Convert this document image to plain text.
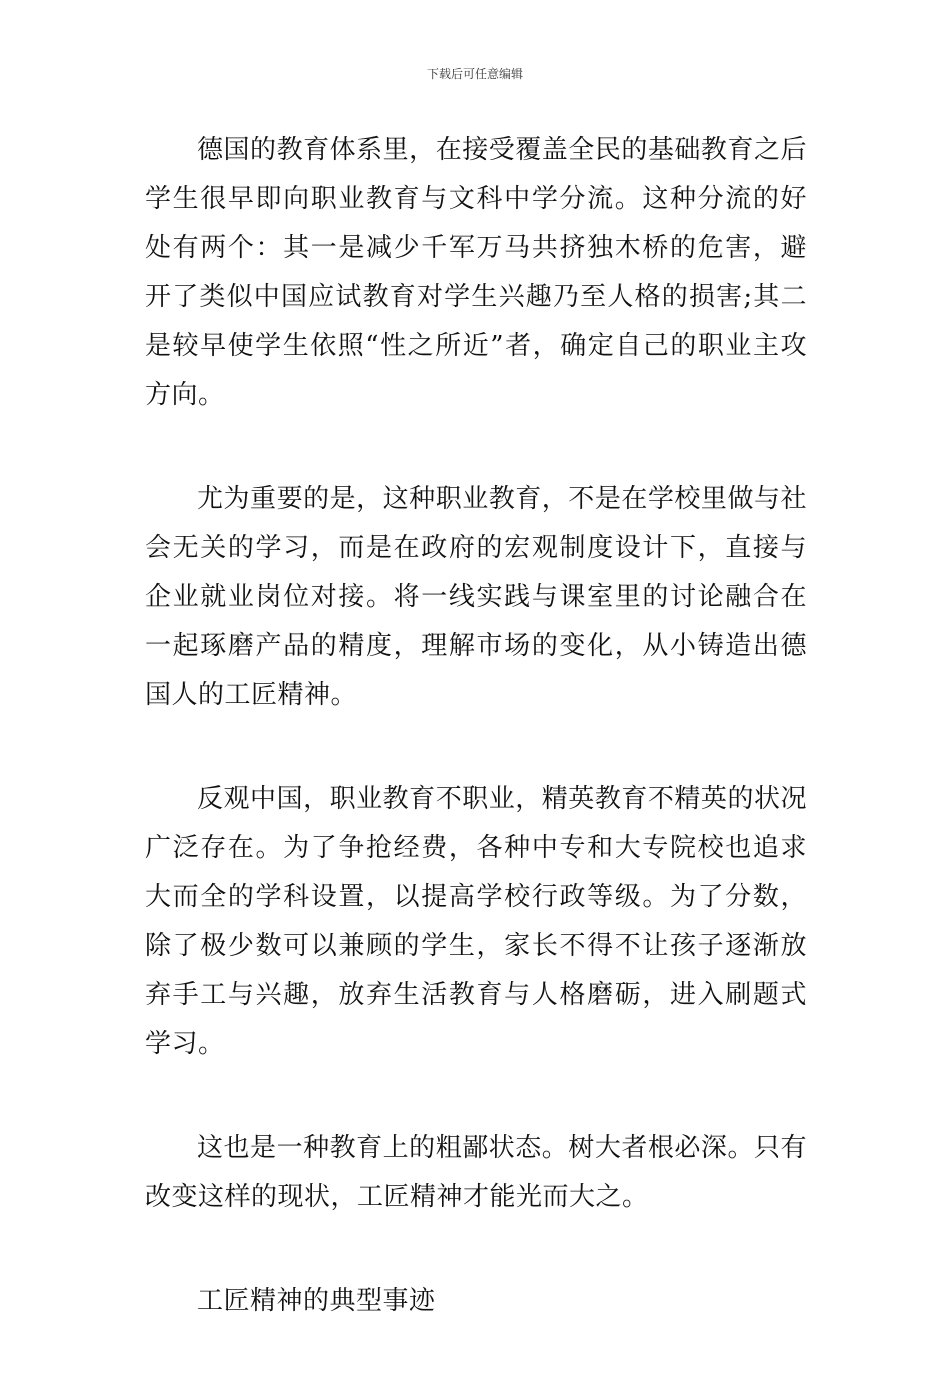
下载后可任意编辑

德国的教育体系里，在接受覆盖全民的基础教育之后学生很早即向职业教育与文科中学分流。这种分流的好处有两个：其一是减少千军万马共挤独木桥的危害，避开了类似中国应试教育对学生兴趣乃至人格的损害;其二是较早使学生依照“性之所近”者，确定自己的职业主攻方向。

尤为重要的是，这种职业教育，不是在学校里做与社会无关的学习，而是在政府的宏观制度设计下，直接与企业就业岗位对接。将一线实践与课室里的讨论融合在一起琢磨产品的精度，理解市场的变化，从小铸造出德国人的工匠精神。

反观中国，职业教育不职业，精英教育不精英的状况广泛存在。为了争抢经费，各种中专和大专院校也追求大而全的学科设置，以提高学校行政等级。为了分数，除了极少数可以兼顾的学生，家长不得不让孩子逐渐放弃手工与兴趣，放弃生活教育与人格磨砺，进入刷题式学习。

这也是一种教育上的粗鄙状态。树大者根必深。只有改变这样的现状，工匠精神才能光而大之。

工匠精神的典型事迹
